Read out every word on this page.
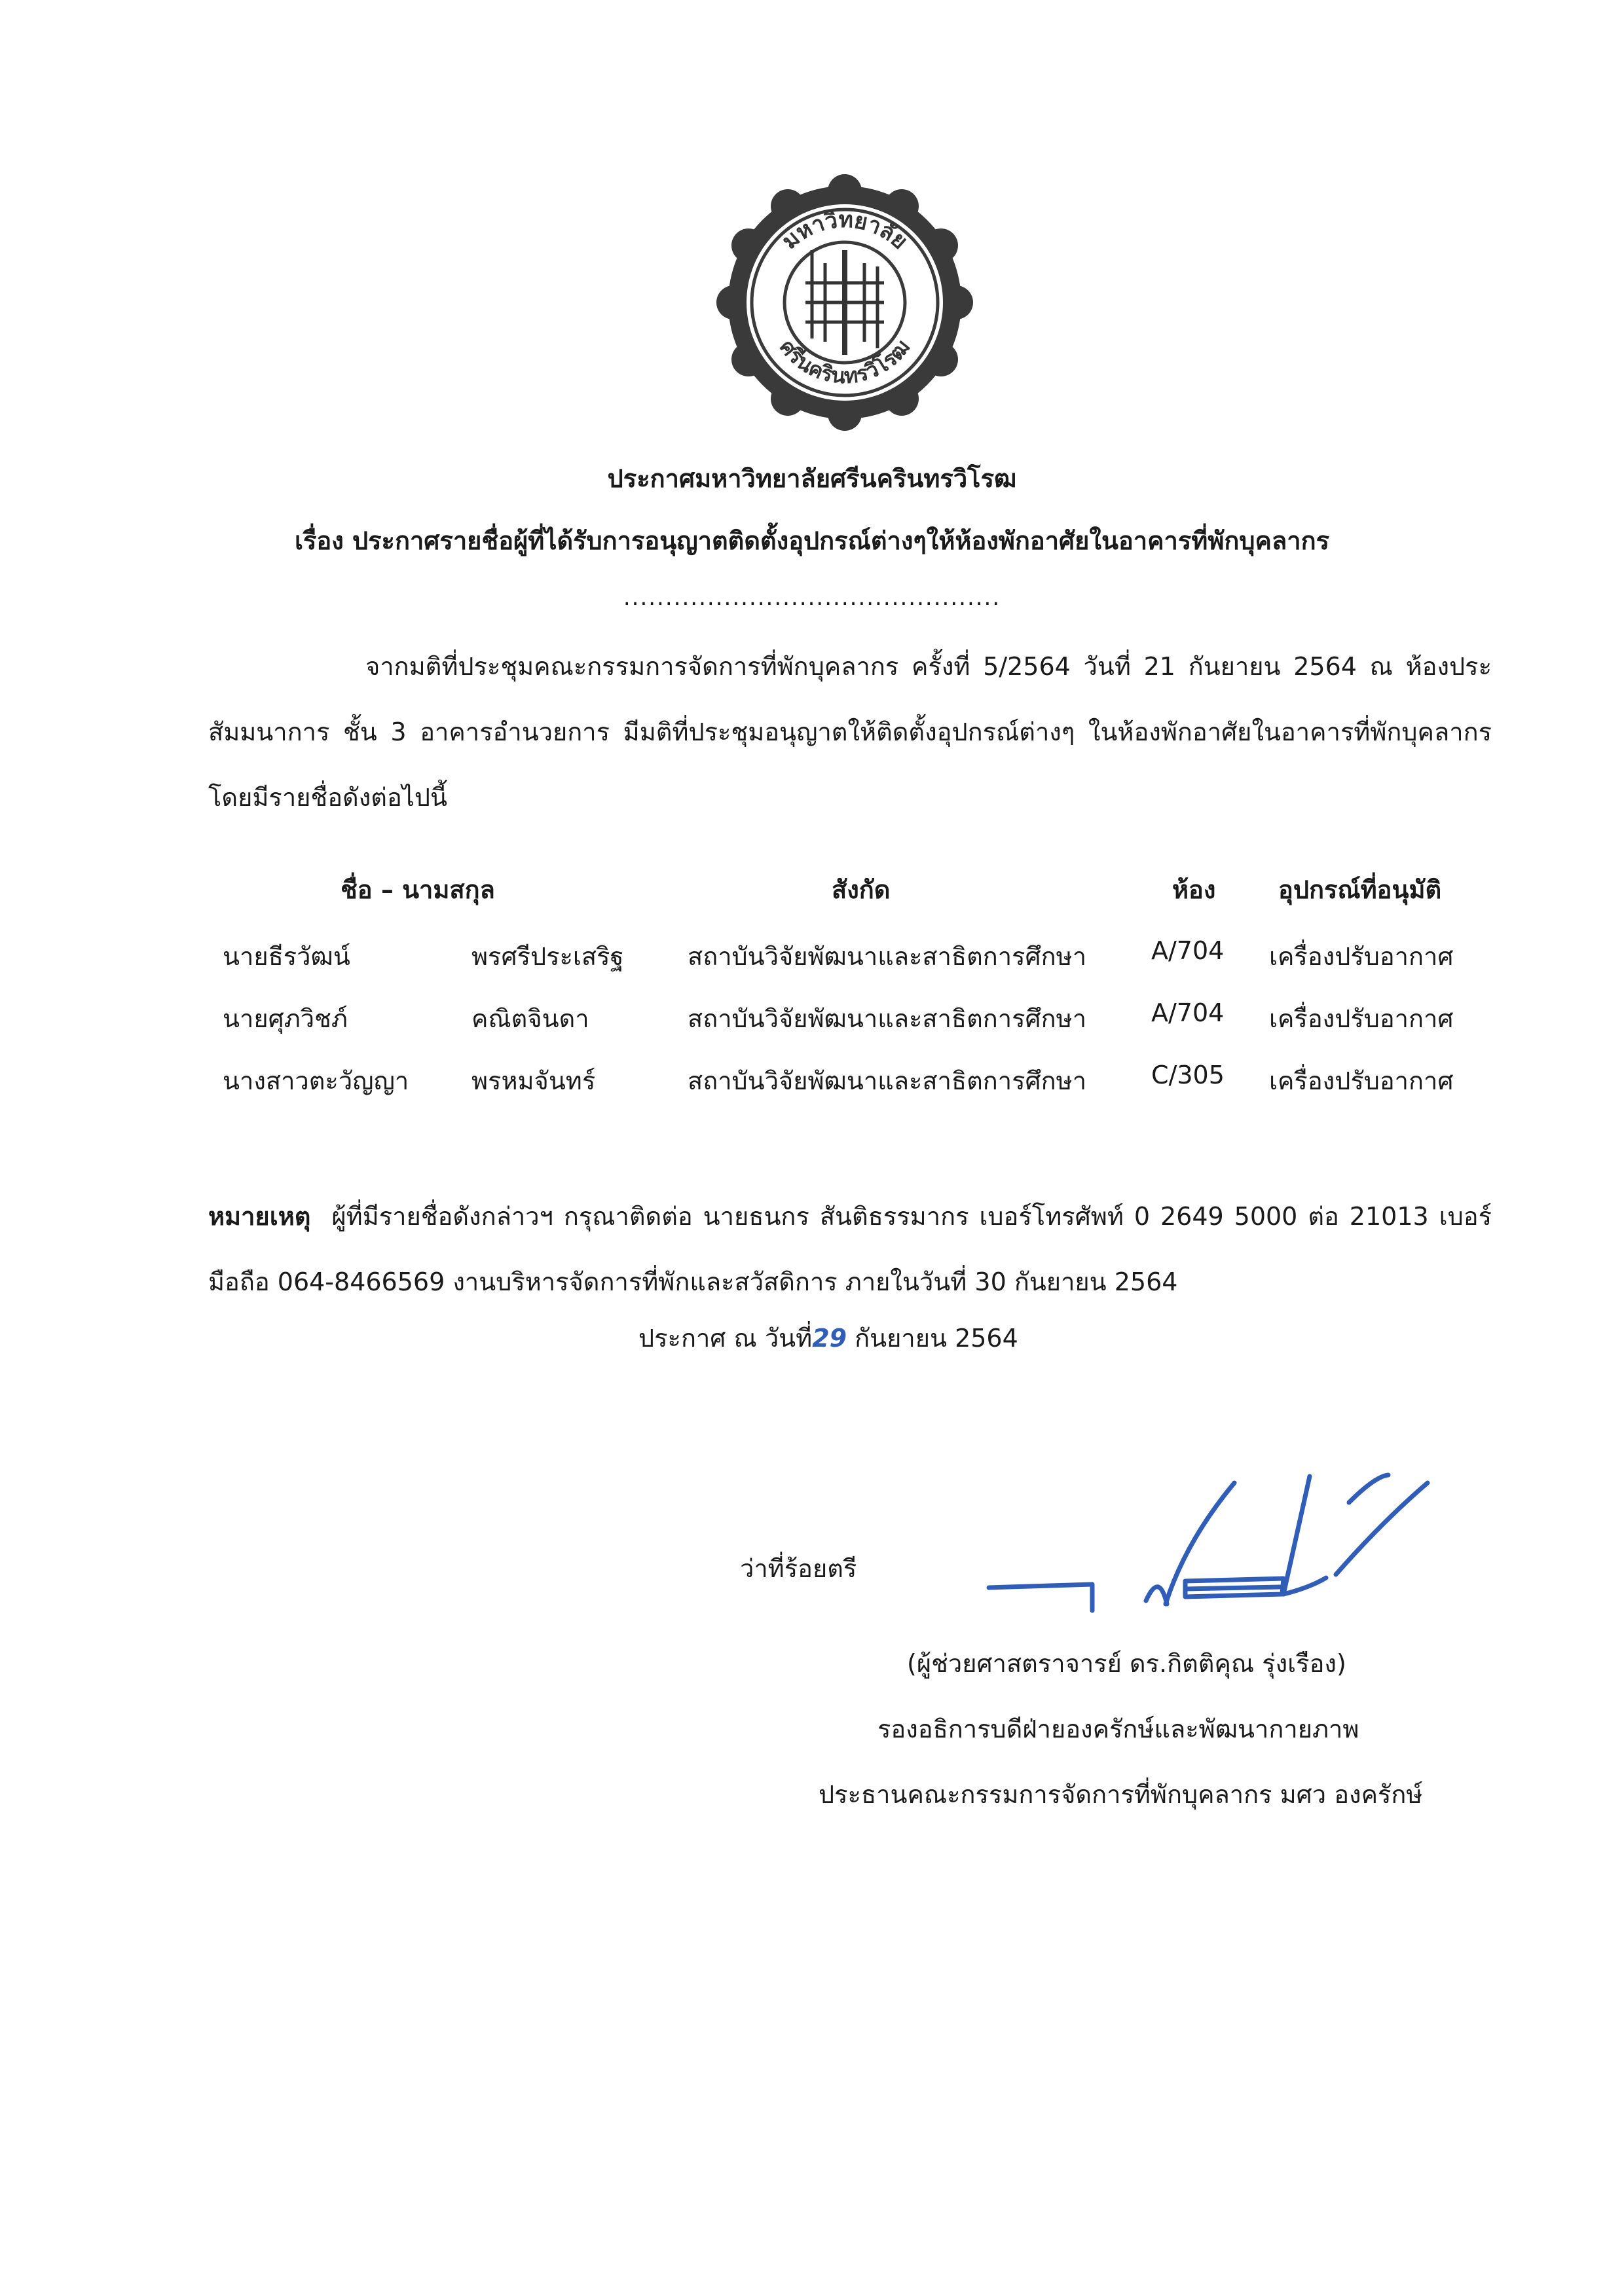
มหาวิทยาลัย
ศรีนครินทรวิโรฒ
ประกาศมหาวิทยาลัยศรีนครินทรวิโรฒ
เรื่อง ประกาศรายชื่อผู้ที่ได้รับการอนุญาตติดตั้งอุปกรณ์ต่างๆให้ห้องพักอาศัยในอาคารที่พักบุคลากร
.............................................
จากมติที่ประชุมคณะกรรมการจัดการที่พักบุคลากร ครั้งที่ 5/2564 วันที่ 21 กันยายน 2564 ณ ห้องประสัมมนาการ ชั้น 3 อาคารอำนวยการ มีมติที่ประชุมอนุญาตให้ติดตั้งอุปกรณ์ต่างๆ ในห้องพักอาศัยในอาคารที่พักบุคลากร โดยมีรายชื่อดังต่อไปนี้
ชื่อ – นามสกุล	สังกัด	ห้อง	อุปกรณ์ที่อนุมัติ
นายธีรวัฒน์	พรศรีประเสริฐ	สถาบันวิจัยพัฒนาและสาธิตการศึกษา	A/704 เครื่องปรับอากาศ
นายศุภวิชภ์	คณิตจินดา	สถาบันวิจัยพัฒนาและสาธิตการศึกษา	A/704 เครื่องปรับอากาศ
นางสาวตะวัญญา	พรหมจันทร์	สถาบันวิจัยพัฒนาและสาธิตการศึกษา	C/305 เครื่องปรับอากาศ
หมายเหตุ ผู้ที่มีรายชื่อดังกล่าวฯ กรุณาติดต่อ นายธนกร สันติธรรมากร เบอร์โทรศัพท์ 0 2649 5000 ต่อ 21013 เบอร์มือถือ 064-8466569 งานบริหารจัดการที่พักและสวัสดิการ ภายในวันที่ 30 กันยายน 2564
ประกาศ ณ วันที่29 กันยายน 2564
ว่าที่ร้อยตรี
(ผู้ช่วยศาสตราจารย์ ดร.กิตติคุณ รุ่งเรือง)
รองอธิการบดีฝ่ายองครักษ์และพัฒนากายภาพ
ประธานคณะกรรมการจัดการที่พักบุคลากร มศว องครักษ์
